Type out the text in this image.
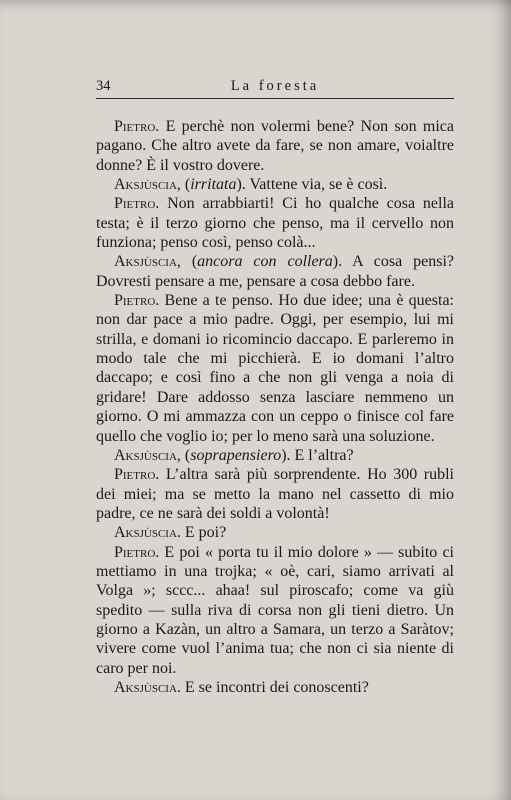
34	La foresta

Pietro. E perchè non volermi bene? Non son mica pagano. Che altro avete da fare, se non amare, voialtre donne? È il vostro dovere.

Aksjùscia, (irritata). Vattene via, se è così.

Pietro. Non arrabbiarti! Ci ho qualche cosa nella testa; è il terzo giorno che penso, ma il cervello non funziona; penso così, penso colà...

Aksjùscia, (ancora con collera). A cosa pensi? Dovresti pensare a me, pensare a cosa debbo fare.

Pietro. Bene a te penso. Ho due idee; una è questa: non dar pace a mio padre. Oggi, per esempio, lui mi strilla, e domani io ricomincio daccapo. E parleremo in modo tale che mi picchierà. E io domani l’altro daccapo; e così fino a che non gli venga a noia di gridare! Dare addosso senza lasciare nemmeno un giorno. O mi ammazza con un ceppo o finisce col fare quello che voglio io; per lo meno sarà una soluzione.

Aksjùscia, (soprapensiero). E l’altra?

Pietro. L’altra sarà più sorprendente. Ho 300 rubli dei miei; ma se metto la mano nel cassetto di mio padre, ce ne sarà dei soldi a volontà!

Aksjùscia. E poi?

Pietro. E poi « porta tu il mio dolore » — subito ci mettiamo in una trojka; « oè, cari, siamo arrivati al Volga »; sccc... ahaa! sul piroscafo; come va giù spedito — sulla riva di corsa non gli tieni dietro. Un giorno a Kazàn, un altro a Samara, un terzo a Saràtov; vivere come vuol l’anima tua; che non ci sia niente di caro per noi.

Aksjùscia. E se incontri dei conoscenti?
